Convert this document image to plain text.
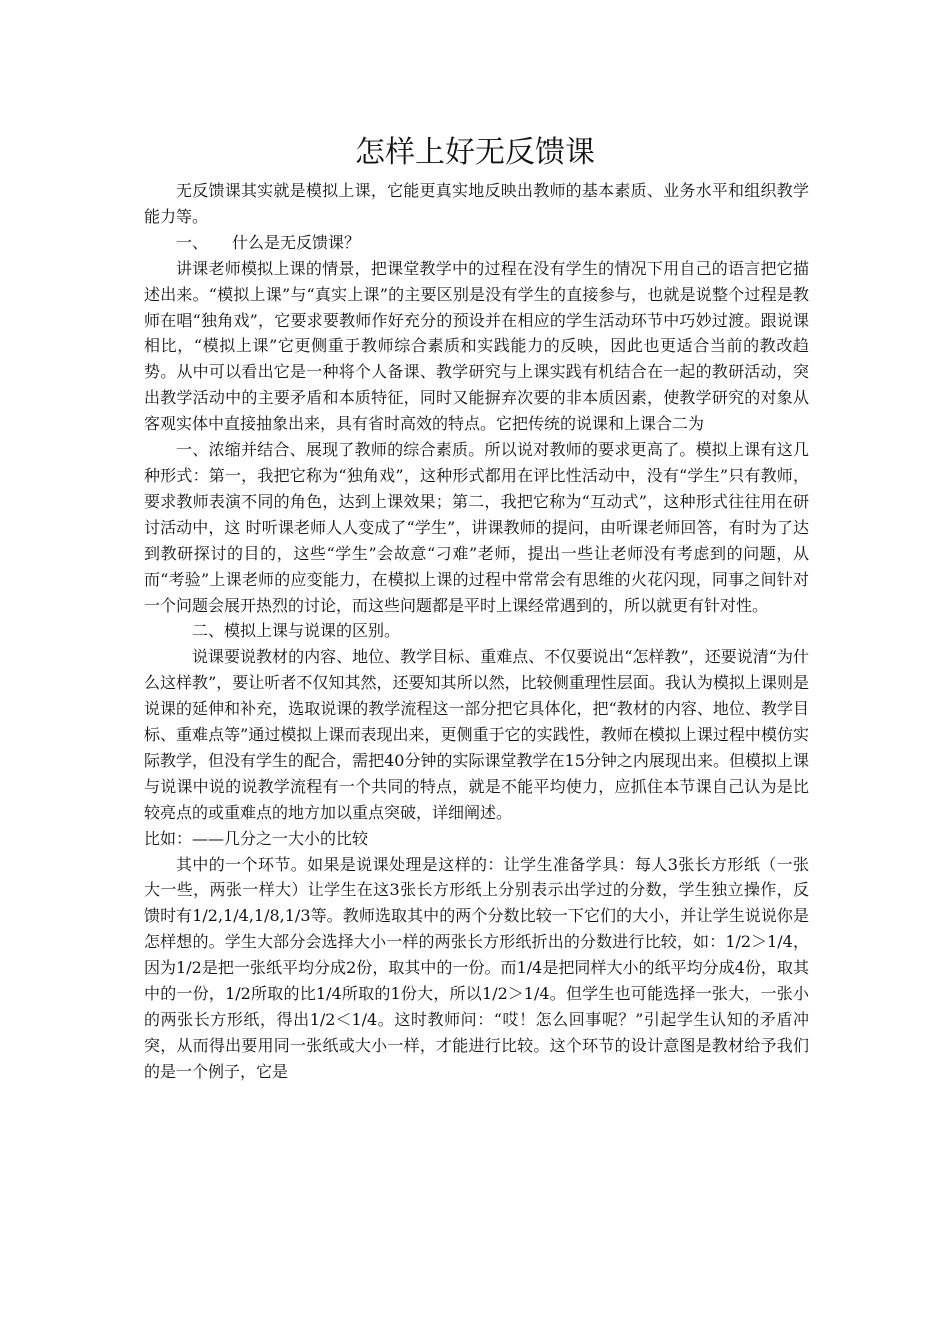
怎样上好无反馈课

无反馈课其实就是模拟上课，它能更真实地反映出教师的基本素质、业务水平和组织教学能力等。

一、　　什么是无反馈课？

讲课老师模拟上课的情景，把课堂教学中的过程在没有学生的情况下用自己的语言把它描述出来。“模拟上课”与“真实上课”的主要区别是没有学生的直接参与，也就是说整个过程是教师在唱“独角戏”，它要求要教师作好充分的预设并在相应的学生活动环节中巧妙过渡。跟说课相比，“模拟上课”它更侧重于教师综合素质和实践能力的反映，因此也更适合当前的教改趋势。从中可以看出它是一种将个人备课、教学研究与上课实践有机结合在一起的教研活动，突出教学活动中的主要矛盾和本质特征，同时又能摒弃次要的非本质因素，使教学研究的对象从客观实体中直接抽象出来，具有省时高效的特点。它把传统的说课和上课合二为

一、浓缩并结合、展现了教师的综合素质。所以说对教师的要求更高了。模拟上课有这几种形式：第一，我把它称为“独角戏”，这种形式都用在评比性活动中，没有“学生”只有教师，要求教师表演不同的角色，达到上课效果；第二，我把它称为“互动式”，这种形式往往用在研讨活动中，这 时听课老师人人变成了“学生”，讲课教师的提问，由听课老师回答，有时为了达到教研探讨的目的，这些“学生”会故意“刁难”老师，提出一些让老师没有考虑到的问题，从而“考验”上课老师的应变能力，在模拟上课的过程中常常会有思维的火花闪现，同事之间针对一个问题会展开热烈的讨论，而这些问题都是平时上课经常遇到的，所以就更有针对性。

二、模拟上课与说课的区别。

说课要说教材的内容、地位、教学目标、重难点、不仅要说出“怎样教”，还要说清“为什么这样教”，要让听者不仅知其然，还要知其所以然，比较侧重理性层面。我认为模拟上课则是说课的延伸和补充，选取说课的教学流程这一部分把它具体化，把“教材的内容、地位、教学目标、重难点等”通过模拟上课而表现出来，更侧重于它的实践性，教师在模拟上课过程中模仿实际教学，但没有学生的配合，需把40分钟的实际课堂教学在15分钟之内展现出来。但模拟上课与说课中说的说教学流程有一个共同的特点，就是不能平均使力，应抓住本节课自己认为是比较亮点的或重难点的地方加以重点突破，详细阐述。

比如：——几分之一大小的比较

其中的一个环节。如果是说课处理是这样的：让学生准备学具：每人3张长方形纸（一张大一些，两张一样大）让学生在这3张长方形纸上分别表示出学过的分数，学生独立操作，反馈时有1/2,1/4,1/8,1/3等。教师选取其中的两个分数比较一下它们的大小，并让学生说说你是怎样想的。学生大部分会选择大小一样的两张长方形纸折出的分数进行比较，如：1/2＞1/4，因为1/2是把一张纸平均分成2份，取其中的一份。而1/4是把同样大小的纸平均分成4份，取其中的一份，1/2所取的比1/4所取的1份大，所以1/2＞1/4。但学生也可能选择一张大，一张小的两张长方形纸，得出1/2＜1/4。这时教师问：“哎！怎么回事呢？”引起学生认知的矛盾冲突，从而得出要用同一张纸或大小一样，才能进行比较。这个环节的设计意图是教材给予我们的是一个例子，它是
